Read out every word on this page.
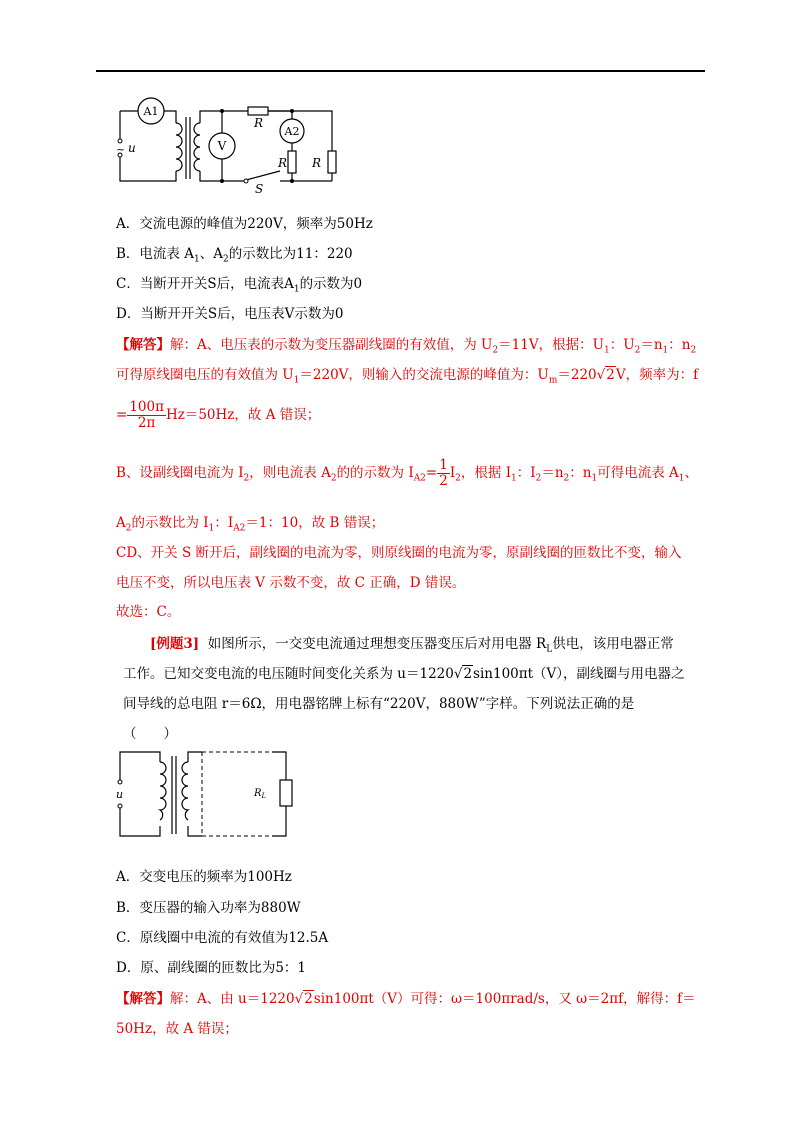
A1
~ u	V
R
A2
R R
S
A．交流电源的峰值为220V，频率为50Hz
B．电流表 $A_1$、$A_2$的示数比为11：220
C．当断开开关S后，电流表$A_1$的示数为0
D．当断开开关S后，电压表V示数为0
【解答】解：A、电压表的示数为变压器副线圈的有效值，为 $U_2=11V$，根据：$U_1$：$U_2=n_1$：$n_2$
可得原线圈电压的有效值为 $U_1=220V$，则输入的交流电源的峰值为：$U_m=220√2V$，频率为：f
= $\frac{100\pi}{2\pi} Hz=50Hz$，故 A 错误；
B、设副线圈电流为 $I_2$，则电流表 $A_2$的的示数为 $I_{A2}= \frac{1}{2} I_2$，根据 $I_1$：$I_2=n_2$：$n_1$可得电流表 $A_1$、
$A_2$的示数比为 $I_1$：$I_{A2}=1$：10，故 B 错误；
CD、开关 S 断开后，副线圈的电流为零，则原线圈的电流为零，原副线圈的匝数比不变，输入
电压不变，所以电压表 V 示数不变，故 C 正确，D 错误。
故选：C。
[例题3] 如图所示，一交变电流通过理想变压器变压后对用电器 $R_L$供电，该用电器正常
工作。已知交变电流的电压随时间变化关系为 u＝1220√2sin100πt（V），副线圈与用电器之
间导线的总电阻 r＝6Ω，用电器铭牌上标有“220V，880W”字样。下列说法正确的是
（　　）
u	$R_L$
A．交变电压的频率为100Hz
B．变压器的输入功率为880W
C．原线圈中电流的有效值为12.5A
D．原、副线圈的匝数比为5：1
【解答】解：A、由 u＝1220√2sin100πt（V）可得：ω＝100πrad/s，又 ω＝2πf，解得：f＝
50Hz，故 A 错误；
